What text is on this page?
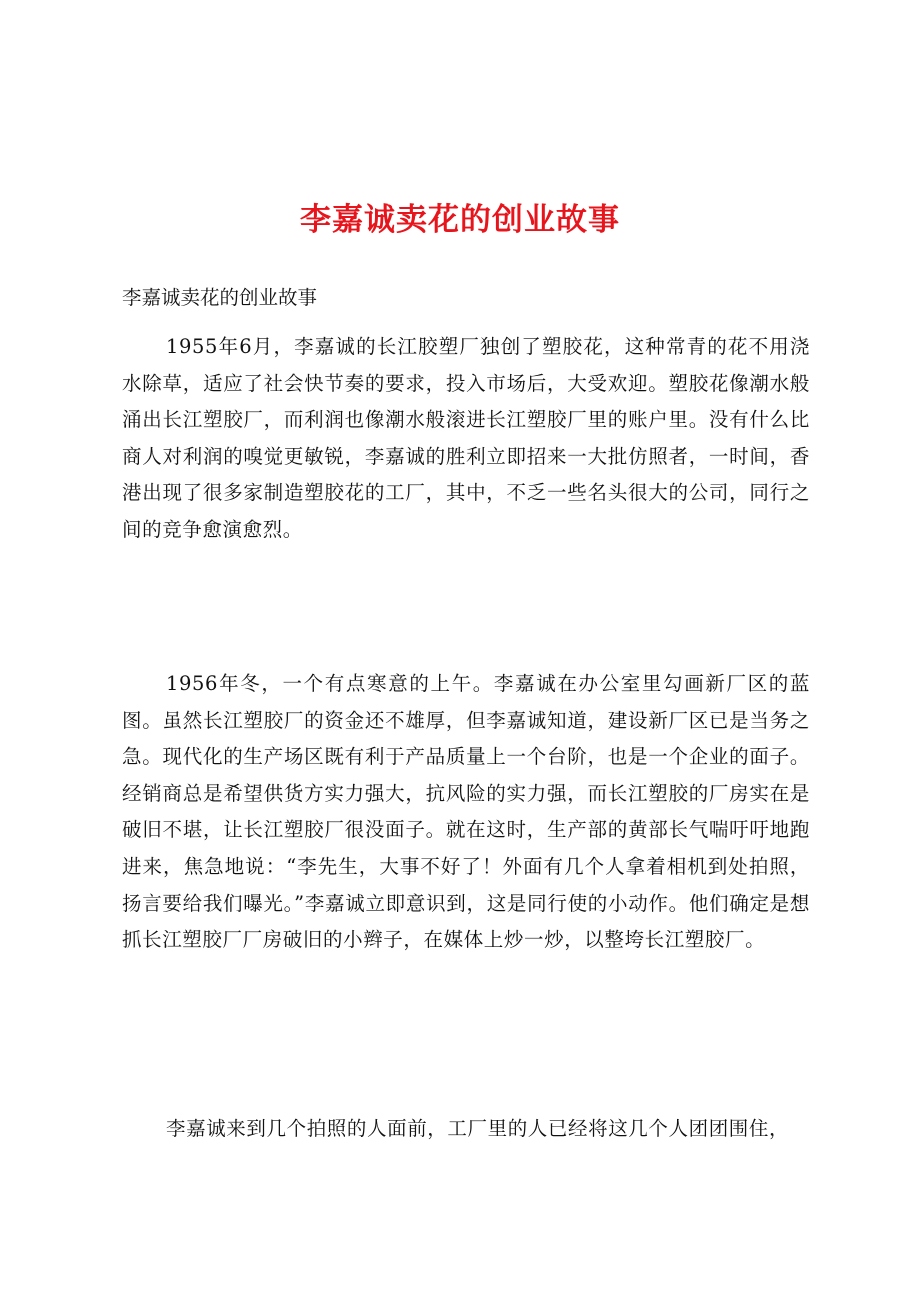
李嘉诚卖花的创业故事

李嘉诚卖花的创业故事

1955年6月，李嘉诚的长江胶塑厂独创了塑胶花，这种常青的花不用浇水除草，适应了社会快节奏的要求，投入市场后，大受欢迎。塑胶花像潮水般涌出长江塑胶厂，而利润也像潮水般滚进长江塑胶厂里的账户里。没有什么比商人对利润的嗅觉更敏锐，李嘉诚的胜利立即招来一大批仿照者，一时间，香港出现了很多家制造塑胶花的工厂，其中，不乏一些名头很大的公司，同行之间的竞争愈演愈烈。

1956年冬，一个有点寒意的上午。李嘉诚在办公室里勾画新厂区的蓝图。虽然长江塑胶厂的资金还不雄厚，但李嘉诚知道，建设新厂区已是当务之急。现代化的生产场区既有利于产品质量上一个台阶，也是一个企业的面子。经销商总是希望供货方实力强大，抗风险的实力强，而长江塑胶的厂房实在是破旧不堪，让长江塑胶厂很没面子。就在这时，生产部的黄部长气喘吁吁地跑进来，焦急地说：“李先生，大事不好了！外面有几个人拿着相机到处拍照，扬言要给我们曝光。”李嘉诚立即意识到，这是同行使的小动作。他们确定是想抓长江塑胶厂厂房破旧的小辫子，在媒体上炒一炒，以整垮长江塑胶厂。

李嘉诚来到几个拍照的人面前，工厂里的人已经将这几个人团团围住，
